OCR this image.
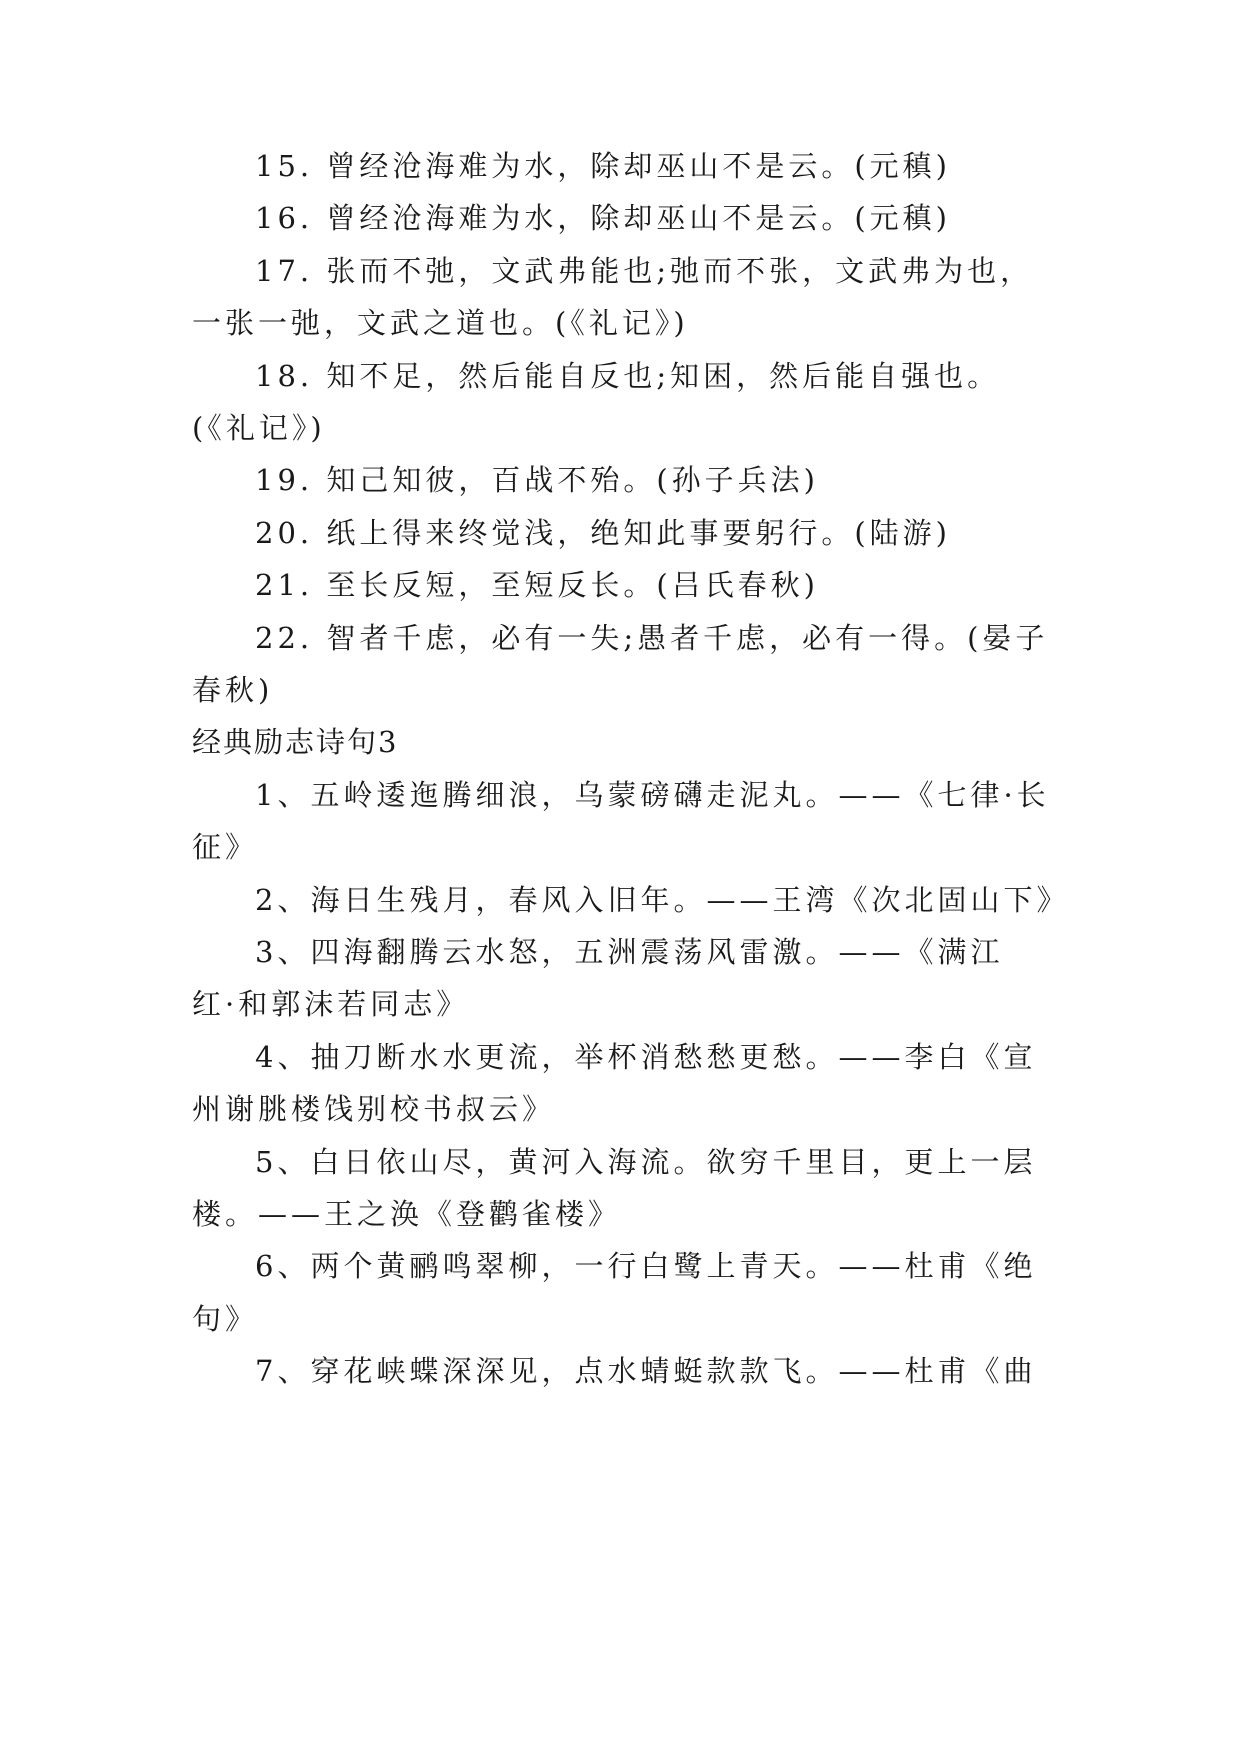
15. 曾经沧海难为水，除却巫山不是云。(元稹)
16. 曾经沧海难为水，除却巫山不是云。(元稹)
17. 张而不弛，文武弗能也;弛而不张，文武弗为也，
一张一弛，文武之道也。(《礼记》)
18. 知不足，然后能自反也;知困，然后能自强也。
(《礼记》)
19. 知己知彼，百战不殆。(孙子兵法)
20. 纸上得来终觉浅，绝知此事要躬行。(陆游)
21. 至长反短，至短反长。(吕氏春秋)
22. 智者千虑，必有一失;愚者千虑，必有一得。(晏子
春秋)
经典励志诗句3
1、五岭逶迤腾细浪，乌蒙磅礴走泥丸。——《七律·长
征》
2、海日生残月，春风入旧年。——王湾《次北固山下》
3、四海翻腾云水怒，五洲震荡风雷激。——《满江
红·和郭沫若同志》
4、抽刀断水水更流，举杯消愁愁更愁。——李白《宣
州谢朓楼饯别校书叔云》
5、白日依山尽，黄河入海流。欲穷千里目，更上一层
楼。——王之涣《登鹳雀楼》
6、两个黄鹂鸣翠柳，一行白鹭上青天。——杜甫《绝
句》
7、穿花峡蝶深深见，点水蜻蜓款款飞。——杜甫《曲
